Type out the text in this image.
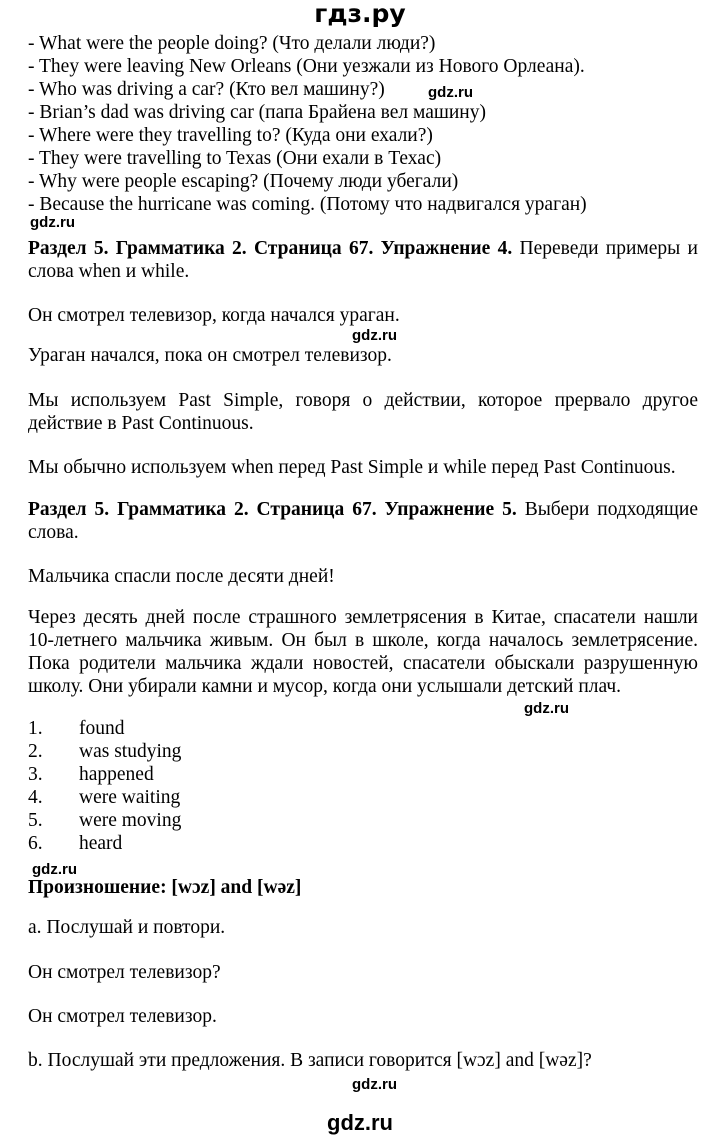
гдз.ру
- What were the people doing? (Что делали люди?)
- They were leaving New Orleans (Они уезжали из Нового Орлеана).
- Who was driving a car? (Кто вел машину?)	gdz.ru
- Brian’s dad was driving car (папа Брайена вел машину)
- Where were they travelling to? (Куда они ехали?)
- They were travelling to Texas (Они ехали в Техас)
- Why were people escaping? (Почему люди убегали)
- Because the hurricane was coming. (Потому что надвигался ураган)
gdz.ru
Раздел 5. Грамматика 2. Страница 67. Упражнение 4. Переведи примеры и слова when и while.
Он смотрел телевизор, когда начался ураган.
gdz.ru
Ураган начался, пока он смотрел телевизор.
Мы используем Past Simple, говоря о действии, которое прервало другое действие в Past Continuous.
Мы обычно используем when перед Past Simple и while перед Past Continuous.
Раздел 5. Грамматика 2. Страница 67. Упражнение 5. Выбери подходящие слова.
Мальчика спасли после десяти дней!
Через десять дней после страшного землетрясения в Китае, спасатели нашли 10-летнего мальчика живым. Он был в школе, когда началось землетрясение. Пока родители мальчика ждали новостей, спасатели обыскали разрушенную школу. Они убирали камни и мусор, когда они услышали детский плач.
gdz.ru
1.	found
2.	was studying
3.	happened
4.	were waiting
5.	were moving
6.	heard
gdz.ru
Произношение: [wɔz] and [wəz]
a. Послушай и повтори.
Он смотрел телевизор?
Он смотрел телевизор.
b. Послушай эти предложения. В записи говорится [wɔz] and [wəz]?
gdz.ru
gdz.ru
